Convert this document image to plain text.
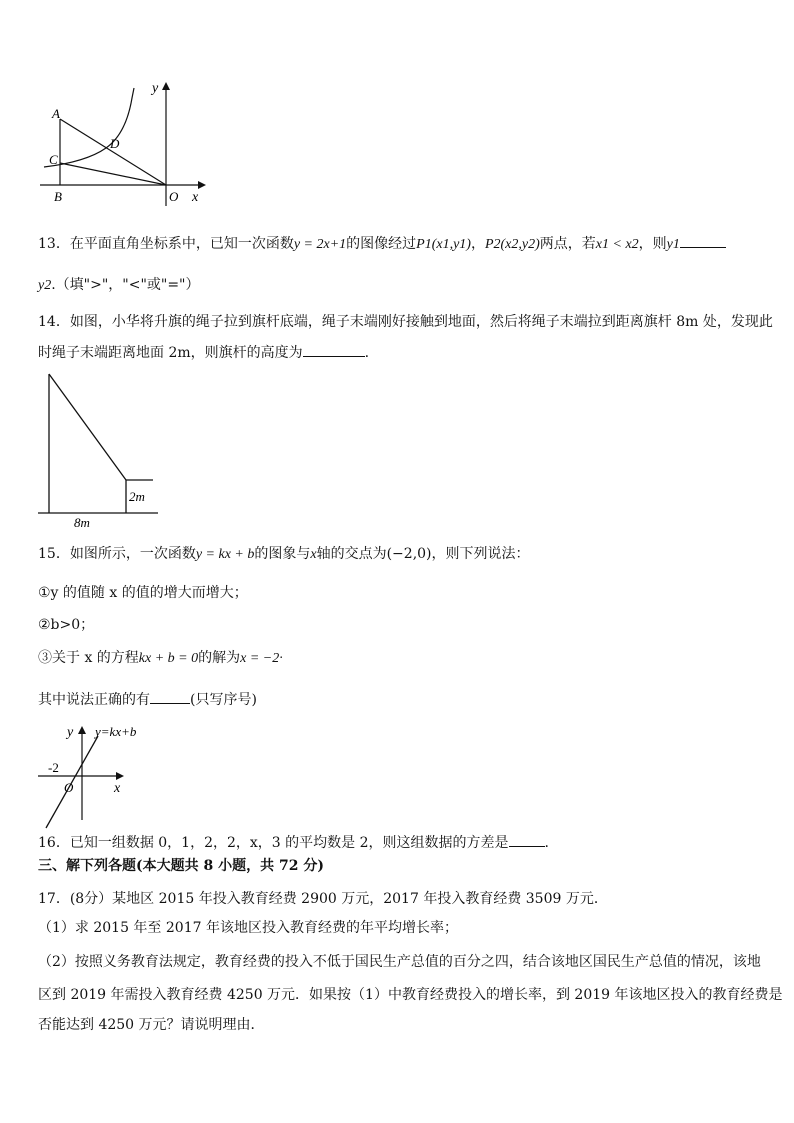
y
A
D
C
B	O x
13．在平面直角坐标系中，已知一次函数y = 2x+1的图像经过P1(x1,y1)，P2(x2,y2)两点，若x1 < x2，则y1
y2.（填">"，"<"或"="）
14．如图，小华将升旗的绳子拉到旗杆底端，绳子末端刚好接触到地面，然后将绳子末端拉到距离旗杆 8m 处，发现此
时绳子末端距离地面 2m，则旗杆的高度为	.
2m
8m
15．如图所示，一次函数y = kx + b的图象与x轴的交点为(−2,0)，则下列说法：
①y 的值随 x 的值的增大而增大；
②b>0；
③关于 x 的方程kx + b = 0的解为x = −2·
其中说法正确的有	(只写序号)
y y=kx+b
-2
O	x
16．已知一组数据 0，1，2，2，x，3 的平均数是 2，则这组数据的方差是	.
三、解下列各题(本大题共 8 小题，共 72 分)
17．(8分）某地区 2015 年投入教育经费 2900 万元，2017 年投入教育经费 3509 万元．
（1）求 2015 年至 2017 年该地区投入教育经费的年平均增长率；
（2）按照义务教育法规定，教育经费的投入不低于国民生产总值的百分之四，结合该地区国民生产总值的情况，该地
区到 2019 年需投入教育经费 4250 万元．如果按（1）中教育经费投入的增长率，到 2019 年该地区投入的教育经费是
否能达到 4250 万元？请说明理由．
